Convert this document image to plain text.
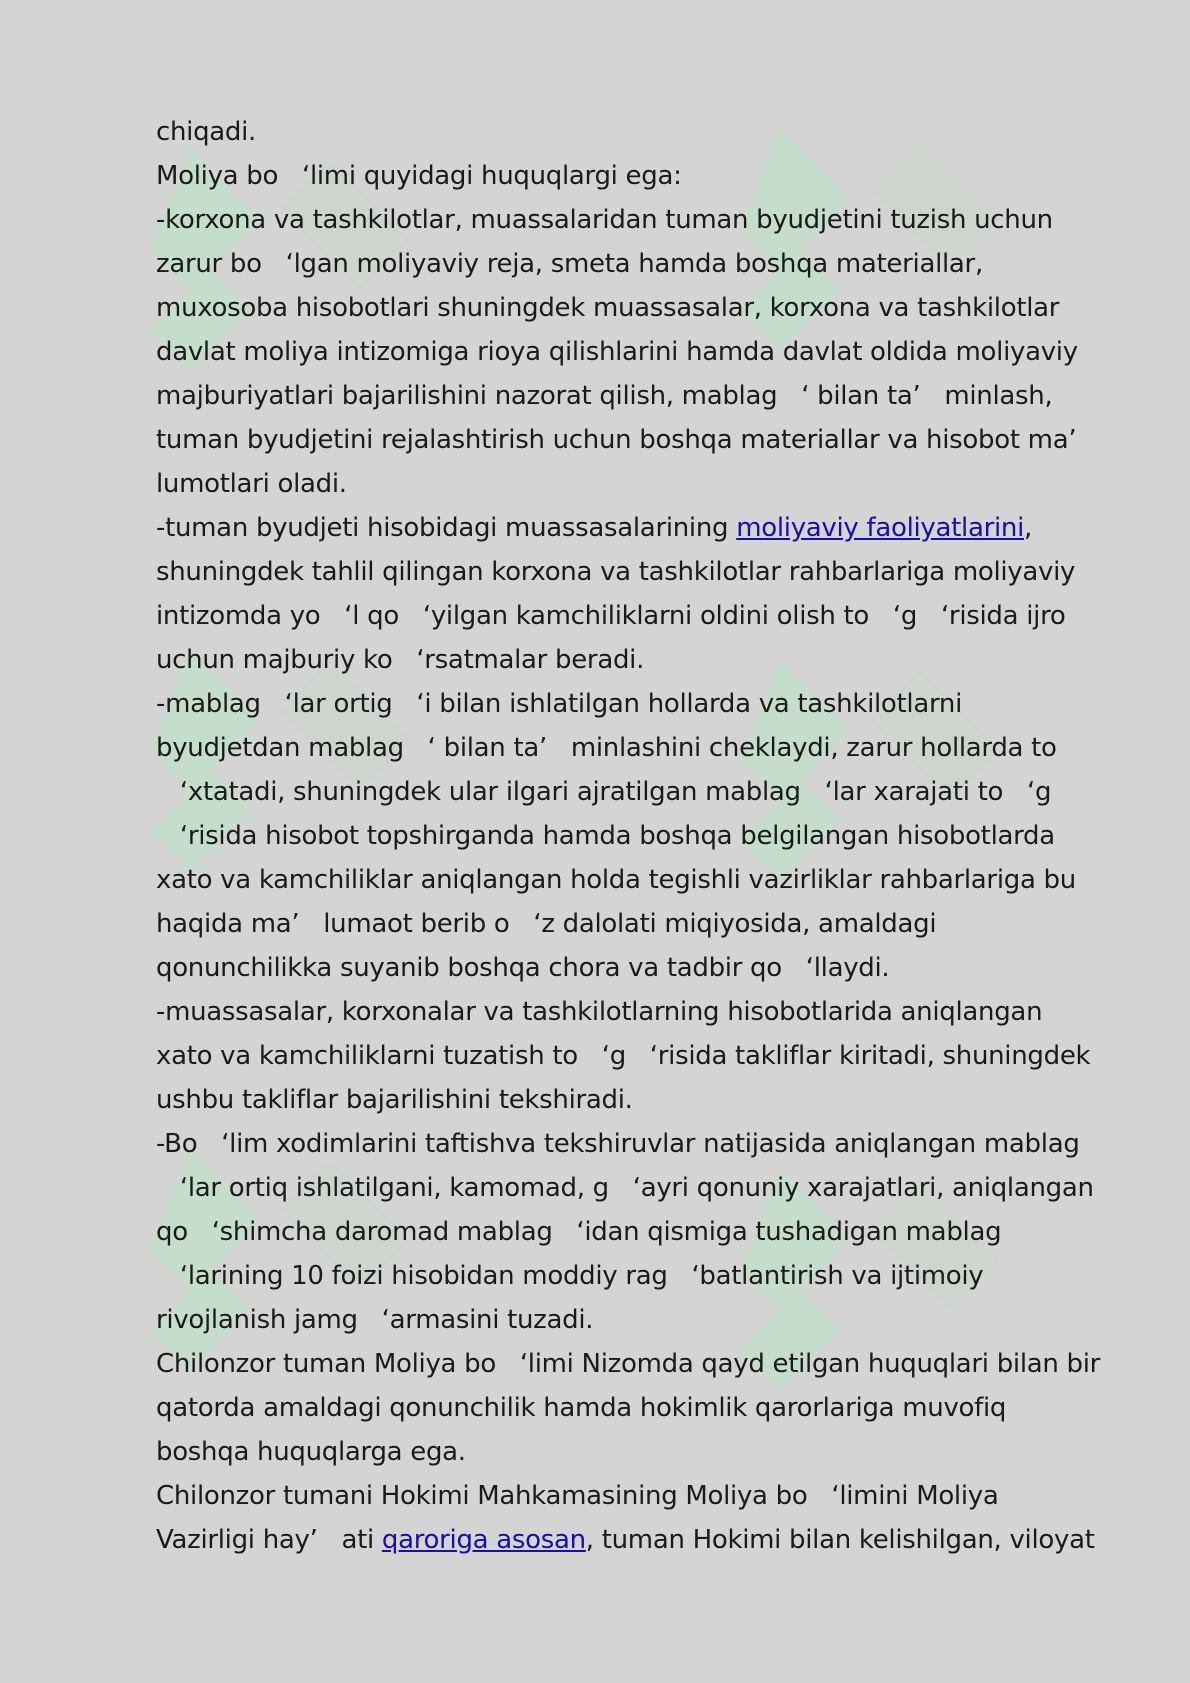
chiqadi.
Moliya bo   ‘limi quyidagi huquqlargi ega:
-korxona va tashkilotlar, muassalaridan tuman byudjetini tuzish uchun
zarur bo   ‘lgan moliyaviy reja, smeta hamda boshqa materiallar,
muxosoba hisobotlari shuningdek muassasalar, korxona va tashkilotlar
davlat moliya intizomiga rioya qilishlarini hamda davlat oldida moliyaviy
majburiyatlari bajarilishini nazorat qilish, mablag   ‘ bilan ta’   minlash,
tuman byudjetini rejalashtirish uchun boshqa materiallar va hisobot ma’
lumotlari oladi.
-tuman byudjeti hisobidagi muassasalarining moliyaviy faoliyatlarini,
shuningdek tahlil qilingan korxona va tashkilotlar rahbarlariga moliyaviy
intizomda yo   ‘l qo   ‘yilgan kamchiliklarni oldini olish to   ‘g   ‘risida ijro
uchun majburiy ko   ‘rsatmalar beradi.
-mablag   ‘lar ortig   ‘i bilan ishlatilgan hollarda va tashkilotlarni
byudjetdan mablag   ‘ bilan ta’   minlashini cheklaydi, zarur hollarda to
‘xtatadi, shuningdek ular ilgari ajratilgan mablag   ‘lar xarajati to   ‘g
‘risida hisobot topshirganda hamda boshqa belgilangan hisobotlarda
xato va kamchiliklar aniqlangan holda tegishli vazirliklar rahbarlariga bu
haqida ma’   lumaot berib o   ‘z dalolati miqiyosida, amaldagi
qonunchilikka suyanib boshqa chora va tadbir qo   ‘llaydi.
-muassasalar, korxonalar va tashkilotlarning hisobotlarida aniqlangan
xato va kamchiliklarni tuzatish to   ‘g   ‘risida takliflar kiritadi, shuningdek
ushbu takliflar bajarilishini tekshiradi.
-Bo   ‘lim xodimlarini taftishva tekshiruvlar natijasida aniqlangan mablag
‘lar ortiq ishlatilgani, kamomad, g   ‘ayri qonuniy xarajatlari, aniqlangan
qo   ‘shimcha daromad mablag   ‘idan qismiga tushadigan mablag
‘larining 10 foizi hisobidan moddiy rag   ‘batlantirish va ijtimoiy
rivojlanish jamg   ‘armasini tuzadi.
Chilonzor tuman Moliya bo   ‘limi Nizomda qayd etilgan huquqlari bilan bir
qatorda amaldagi qonunchilik hamda hokimlik qarorlariga muvofiq
boshqa huquqlarga ega.
Chilonzor tumani Hokimi Mahkamasining Moliya bo   ‘limini Moliya
Vazirligi hay’   ati qaroriga asosan, tuman Hokimi bilan kelishilgan, viloyat
